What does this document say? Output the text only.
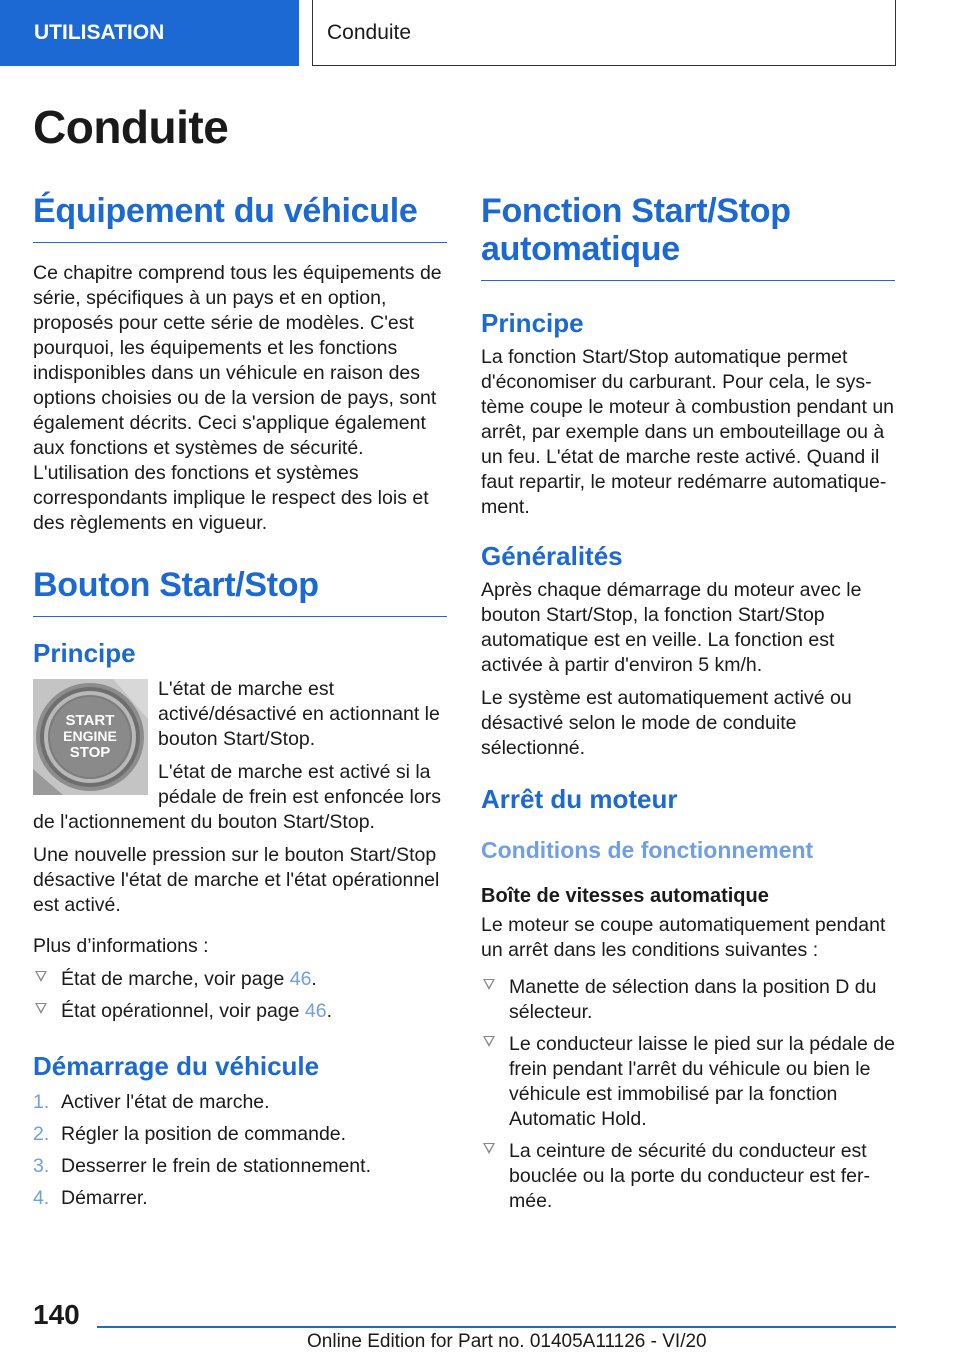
UTILISATION	Conduite
Conduite
Équipement du véhicule

Ce chapitre comprend tous les équipements de série, spécifiques à un pays et en option, proposés pour cette série de modèles. C'est pourquoi, les équipements et les fonctions indisponibles dans un véhicule en raison des options choisies ou de la version de pays, sont également décrits. Ceci s'applique également aux fonctions et systèmes de sécurité. L'utilisation des fonctions et systèmes correspondants implique le respect des lois et des règlements en vigueur.

Bouton Start/Stop
Principe
START
ENGINE
STOP

L'état de marche est activé/désactivé en actionnant le bouton Start/Stop.

L'état de marche est activé si la pédale de frein est enfoncée lors de l'actionnement du bouton Start/Stop.

Une nouvelle pression sur le bouton Start/Stop désactive l'état de marche et l'état opérationnel est activé.

Plus d’informations :

État de marche, voir page 46.
État opérationnel, voir page 46.
Démarrage du véhicule
1. Activer l'état de marche.
2. Régler la position de commande.
3. Desserrer le frein de stationnement.
4. Démarrer.
Fonction Start/Stop automatique
Principe

La fonction Start/Stop automatique permet d'économiser du carburant. Pour cela, le système coupe le moteur à combustion pendant un arrêt, par exemple dans un embouteillage ou à un feu. L'état de marche reste activé. Quand il faut repartir, le moteur redémarre automatiquement.

Généralités

Après chaque démarrage du moteur avec le bouton Start/Stop, la fonction Start/Stop automatique est en veille. La fonction est activée à partir d'environ 5 km/h.

Le système est automatiquement activé ou désactivé selon le mode de conduite sélectionné.

Arrêt du moteur
Conditions de fonctionnement
Boîte de vitesses automatique

Le moteur se coupe automatiquement pendant un arrêt dans les conditions suivantes :

Manette de sélection dans la position D du sélecteur.
Le conducteur laisse le pied sur la pédale de frein pendant l'arrêt du véhicule ou bien le véhicule est immobilisé par la fonction Automatic Hold.
La ceinture de sécurité du conducteur est bouclée ou la porte du conducteur est fermée.
140
Online Edition for Part no. 01405A11126 - VI/20
